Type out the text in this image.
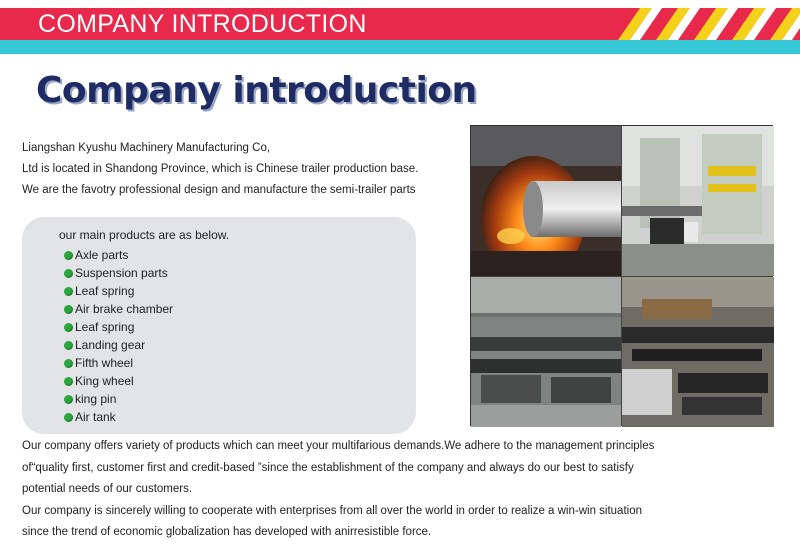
COMPANY INTRODUCTION
Company introduction
Liangshan Kyushu Machinery Manufacturing Co,
Ltd is located in Shandong Province, which is Chinese trailer production base.
We are the favotry professional design and manufacture the semi-trailer parts
our main products are as below.
Axle parts
Suspension parts
Leaf spring
Air brake chamber
Leaf spring
Landing gear
Fifth wheel
King wheel
king pin
Air tank
Our company offers variety of products which can meet your multifarious demands.We adhere to the management principles
of“quality first, customer first and credit-based ”since the establishment of the company and always do our best to satisfy
potential needs of our customers.
Our company is sincerely willing to cooperate with enterprises from all over the world in order to realize a win-win situation
since the trend of economic globalization has developed with anirresistible force.
